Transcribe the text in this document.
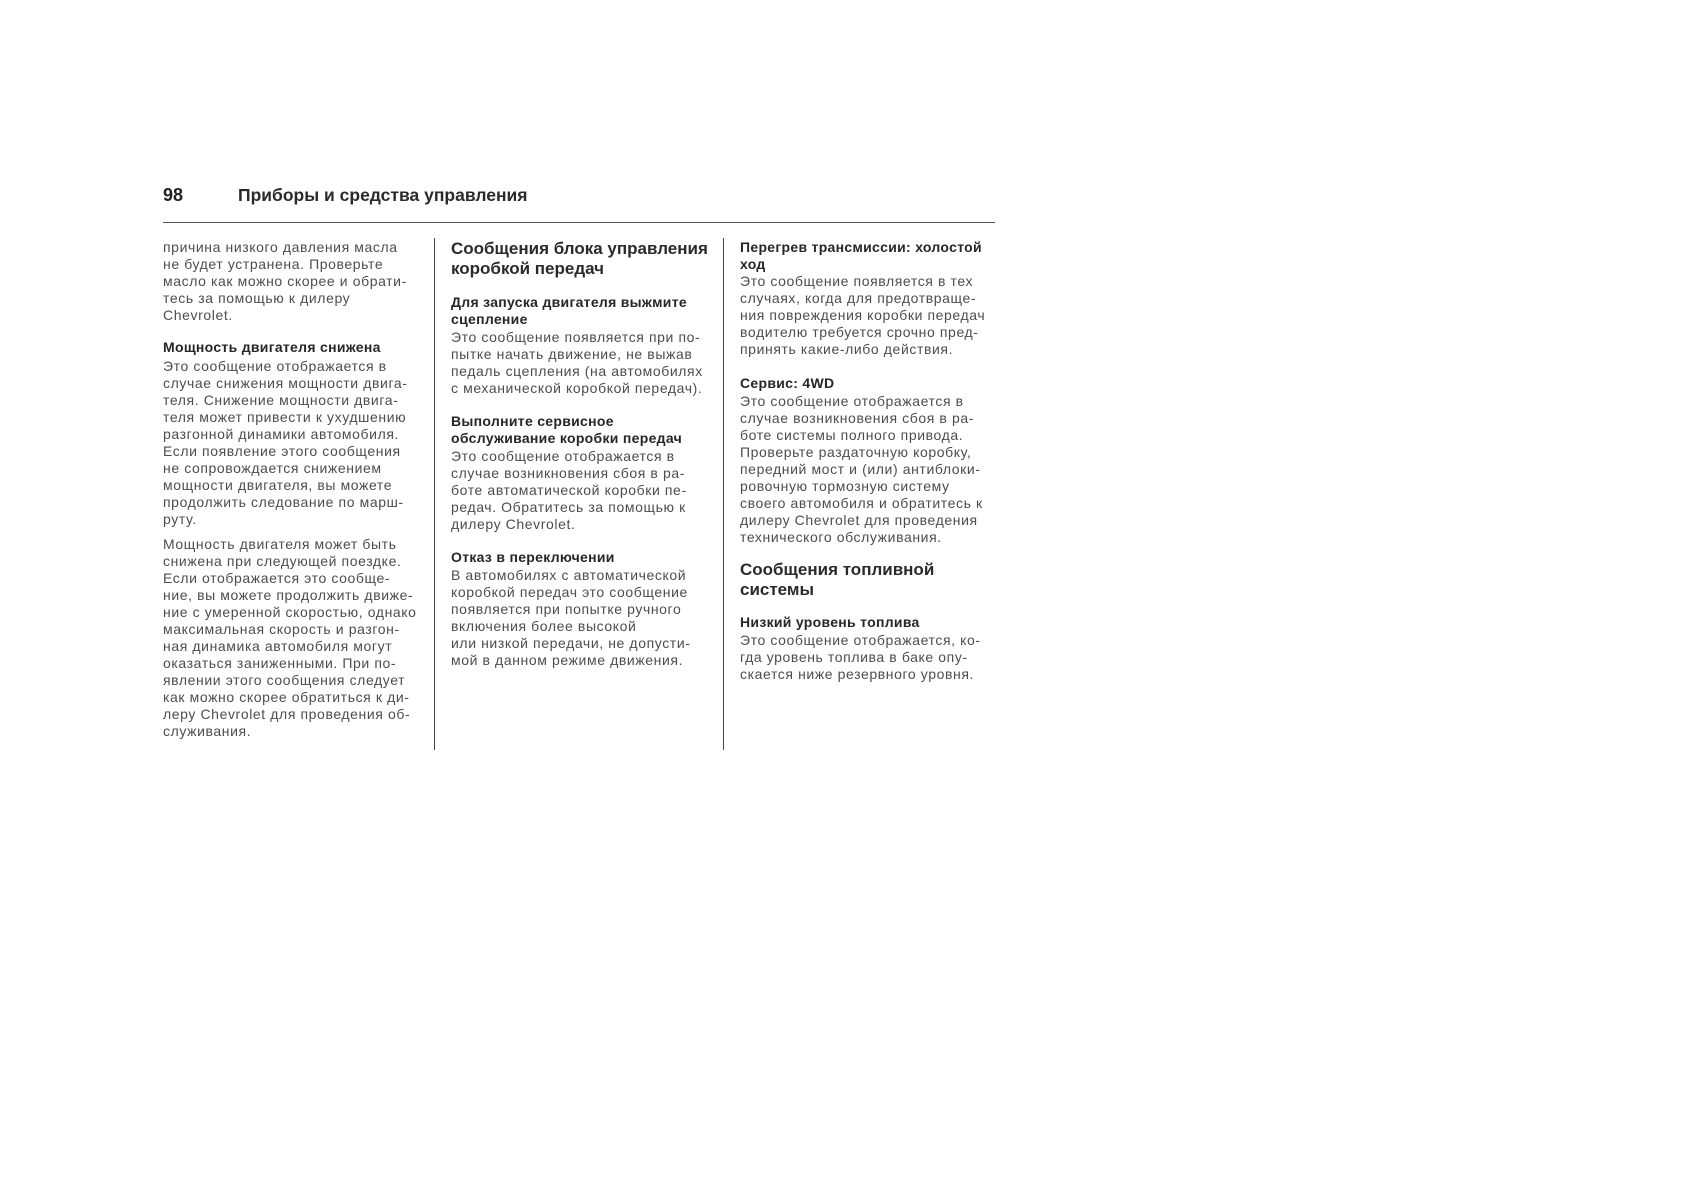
98	Приборы и средства управления
причина низкого давления масла
не будет устранена. Проверьте
масло как можно скорее и обрати-
тесь за помощью к дилеру
Chevrolet.
Мощность двигателя снижена
Это сообщение отображается в
случае снижения мощности двига-
теля. Снижение мощности двига-
теля может привести к ухудшению
разгонной динамики автомобиля.
Если появление этого сообщения
не сопровождается снижением
мощности двигателя, вы можете
продолжить следование по марш-
руту.
Мощность двигателя может быть
снижена при следующей поездке.
Если отображается это сообще-
ние, вы можете продолжить движе-
ние с умеренной скоростью, однако
максимальная скорость и разгон-
ная динамика автомобиля могут
оказаться заниженными. При по-
явлении этого сообщения следует
как можно скорее обратиться к ди-
леру Chevrolet для проведения об-
служивания.
Сообщения блока управления
коробкой передач
Для запуска двигателя выжмите
сцепление
Это сообщение появляется при по-
пытке начать движение, не выжав
педаль сцепления (на автомобилях
с механической коробкой передач).
Выполните сервисное
обслуживание коробки передач
Это сообщение отображается в
случае возникновения сбоя в ра-
боте автоматической коробки пе-
редач. Обратитесь за помощью к
дилеру Chevrolet.
Отказ в переключении
В автомобилях с автоматической
коробкой передач это сообщение
появляется при попытке ручного
включения более высокой
или низкой передачи, не допусти-
мой в данном режиме движения.
Перегрев трансмиссии: холостой
ход
Это сообщение появляется в тех
случаях, когда для предотвраще-
ния повреждения коробки передач
водителю требуется срочно пред-
принять какие-либо действия.
Сервис: 4WD
Это сообщение отображается в
случае возникновения сбоя в ра-
боте системы полного привода.
Проверьте раздаточную коробку,
передний мост и (или) антиблоки-
ровочную тормозную систему
своего автомобиля и обратитесь к
дилеру Chevrolet для проведения
технического обслуживания.
Сообщения топливной
системы
Низкий уровень топлива
Это сообщение отображается, ко-
гда уровень топлива в баке опу-
скается ниже резервного уровня.
